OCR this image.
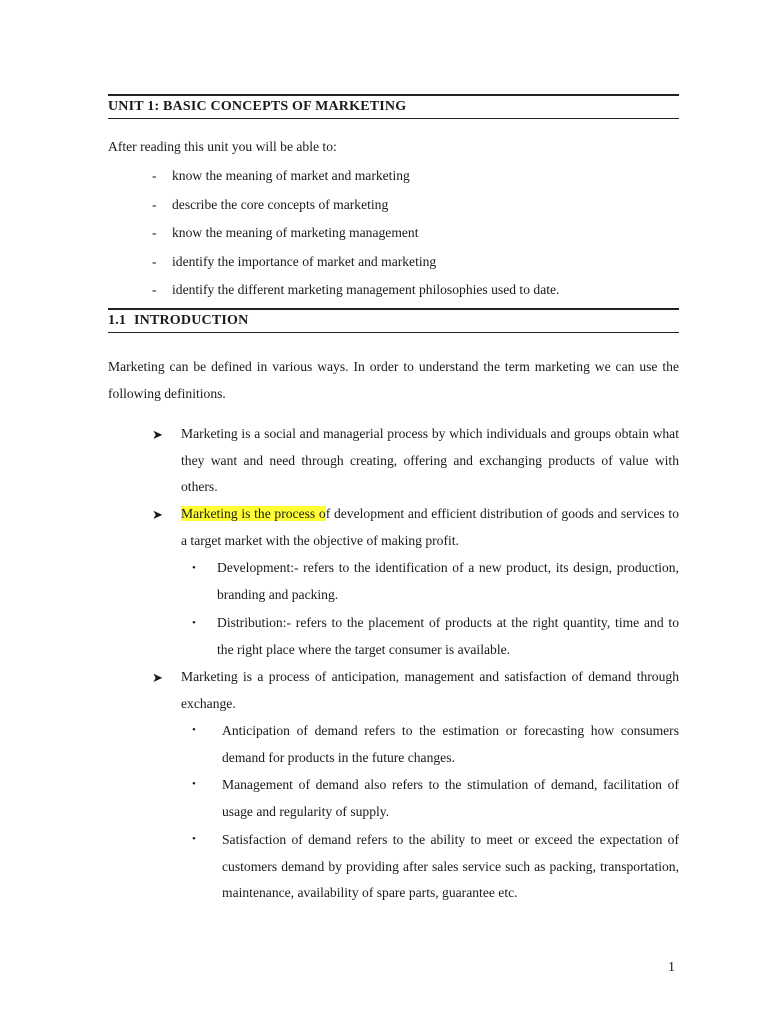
UNIT 1: BASIC CONCEPTS OF MARKETING
After reading this unit you will be able to:
- know the meaning of market and marketing
- describe the core concepts of marketing
- know the meaning of marketing management
- identify the importance of market and marketing
- identify the different marketing management philosophies used to date.
1.1 INTRODUCTION
Marketing can be defined in various ways. In order to understand the term marketing we can use the following definitions.
➤ Marketing is a social and managerial process by which individuals and groups obtain what they want and need through creating, offering and exchanging products of value with others.
➤ Marketing is the process of development and efficient distribution of goods and services to a target market with the objective of making profit.
• Development:- refers to the identification of a new product, its design, production, branding and packing.
• Distribution:- refers to the placement of products at the right quantity, time and to the right place where the target consumer is available.
➤ Marketing is a process of anticipation, management and satisfaction of demand through exchange.
• Anticipation of demand refers to the estimation or forecasting how consumers demand for products in the future changes.
• Management of demand also refers to the stimulation of demand, facilitation of usage and regularity of supply.
• Satisfaction of demand refers to the ability to meet or exceed the expectation of customers demand by providing after sales service such as packing, transportation, maintenance, availability of spare parts, guarantee etc.
1
